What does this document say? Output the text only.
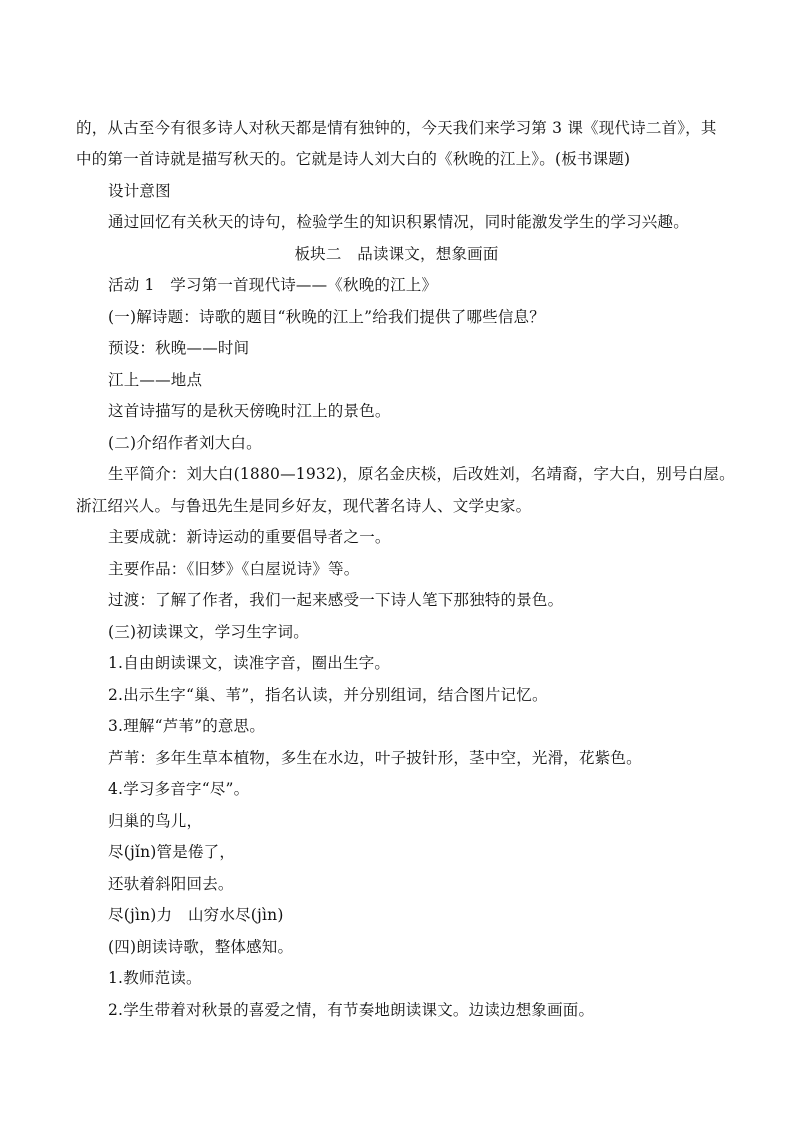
的，从古至今有很多诗人对秋天都是情有独钟的，今天我们来学习第 3 课《现代诗二首》，其
中的第一首诗就是描写秋天的。它就是诗人刘大白的《秋晚的江上》。(板书课题)
设计意图
通过回忆有关秋天的诗句，检验学生的知识积累情况，同时能激发学生的学习兴趣。
板块二　品读课文，想象画面
活动 1　学习第一首现代诗——《秋晚的江上》
(一)解诗题：诗歌的题目“秋晚的江上”给我们提供了哪些信息？
预设：秋晚——时间
江上——地点
这首诗描写的是秋天傍晚时江上的景色。
(二)介绍作者刘大白。
生平简介：刘大白(1880—1932)，原名金庆棪，后改姓刘，名靖裔，字大白，别号白屋。
浙江绍兴人。与鲁迅先生是同乡好友，现代著名诗人、文学史家。
主要成就：新诗运动的重要倡导者之一。
主要作品：《旧梦》《白屋说诗》等。
过渡：了解了作者，我们一起来感受一下诗人笔下那独特的景色。
(三)初读课文，学习生字词。
1.自由朗读课文，读准字音，圈出生字。
2.出示生字“巢、苇”，指名认读，并分别组词，结合图片记忆。
3.理解“芦苇”的意思。
芦苇：多年生草本植物，多生在水边，叶子披针形，茎中空，光滑，花紫色。
4.学习多音字“尽”。
归巢的鸟儿，
尽(jǐn)管是倦了，
还驮着斜阳回去。
尽(jìn)力　山穷水尽(jìn)
(四)朗读诗歌，整体感知。
1.教师范读。
2.学生带着对秋景的喜爱之情，有节奏地朗读课文。边读边想象画面。
